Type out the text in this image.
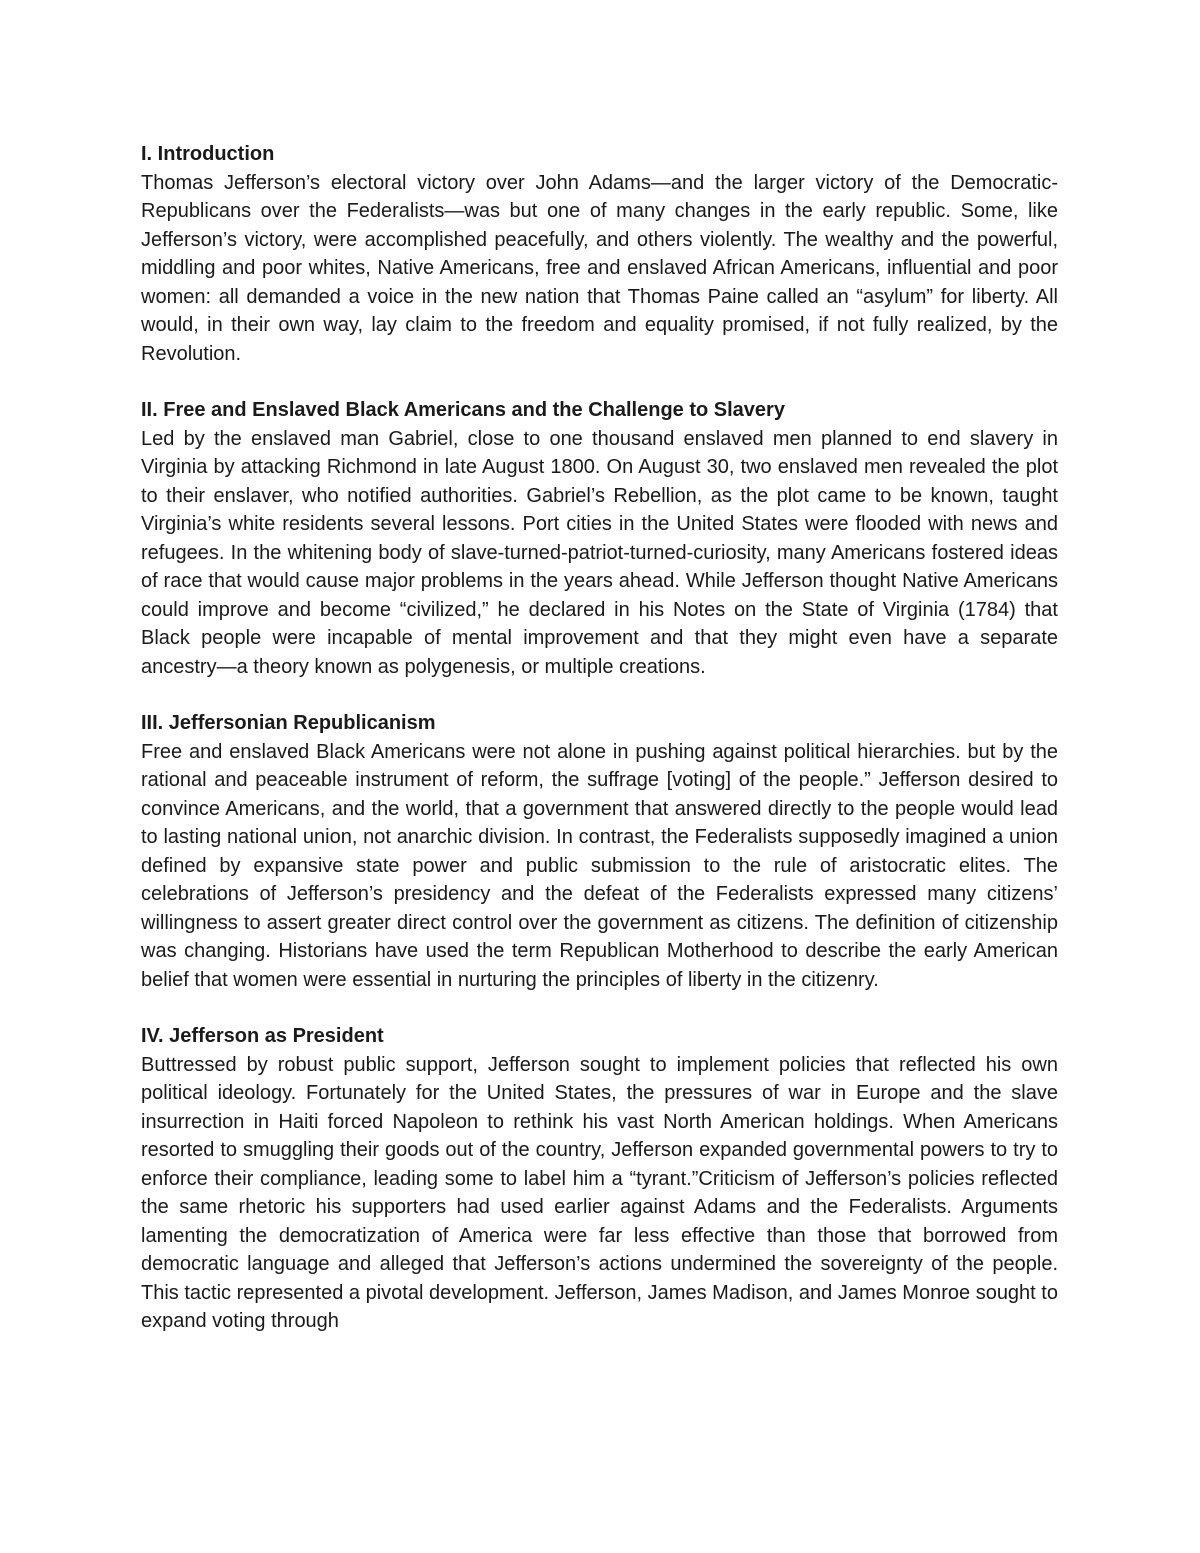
I. Introduction

Thomas Jefferson’s electoral victory over John Adams—and the larger victory of the Democratic-Republicans over the Federalists—was but one of many changes in the early republic. Some, like Jefferson’s victory, were accomplished peacefully, and others violently. The wealthy and the powerful, middling and poor whites, Native Americans, free and enslaved African Americans, influential and poor women: all demanded a voice in the new nation that Thomas Paine called an “asylum” for liberty. All would, in their own way, lay claim to the freedom and equality promised, if not fully realized, by the Revolution.

II. Free and Enslaved Black Americans and the Challenge to Slavery

Led by the enslaved man Gabriel, close to one thousand enslaved men planned to end slavery in Virginia by attacking Richmond in late August 1800. On August 30, two enslaved men revealed the plot to their enslaver, who notified authorities. Gabriel’s Rebellion, as the plot came to be known, taught Virginia’s white residents several lessons. Port cities in the United States were flooded with news and refugees. In the whitening body of slave-turned-patriot-turned-curiosity, many Americans fostered ideas of race that would cause major problems in the years ahead. While Jefferson thought Native Americans could improve and become “civilized,” he declared in his Notes on the State of Virginia (1784) that Black people were incapable of mental improvement and that they might even have a separate ancestry—a theory known as polygenesis, or multiple creations.

III. Jeffersonian Republicanism

Free and enslaved Black Americans were not alone in pushing against political hierarchies. but by the rational and peaceable instrument of reform, the suffrage [voting] of the people.” Jefferson desired to convince Americans, and the world, that a government that answered directly to the people would lead to lasting national union, not anarchic division. In contrast, the Federalists supposedly imagined a union defined by expansive state power and public submission to the rule of aristocratic elites. The celebrations of Jefferson’s presidency and the defeat of the Federalists expressed many citizens’ willingness to assert greater direct control over the government as citizens. The definition of citizenship was changing. Historians have used the term Republican Motherhood to describe the early American belief that women were essential in nurturing the principles of liberty in the citizenry.

IV. Jefferson as President

Buttressed by robust public support, Jefferson sought to implement policies that reflected his own political ideology. Fortunately for the United States, the pressures of war in Europe and the slave insurrection in Haiti forced Napoleon to rethink his vast North American holdings. When Americans resorted to smuggling their goods out of the country, Jefferson expanded governmental powers to try to enforce their compliance, leading some to label him a “tyrant.”Criticism of Jefferson’s policies reflected the same rhetoric his supporters had used earlier against Adams and the Federalists. Arguments lamenting the democratization of America were far less effective than those that borrowed from democratic language and alleged that Jefferson’s actions undermined the sovereignty of the people. This tactic represented a pivotal development. Jefferson, James Madison, and James Monroe sought to expand voting through
